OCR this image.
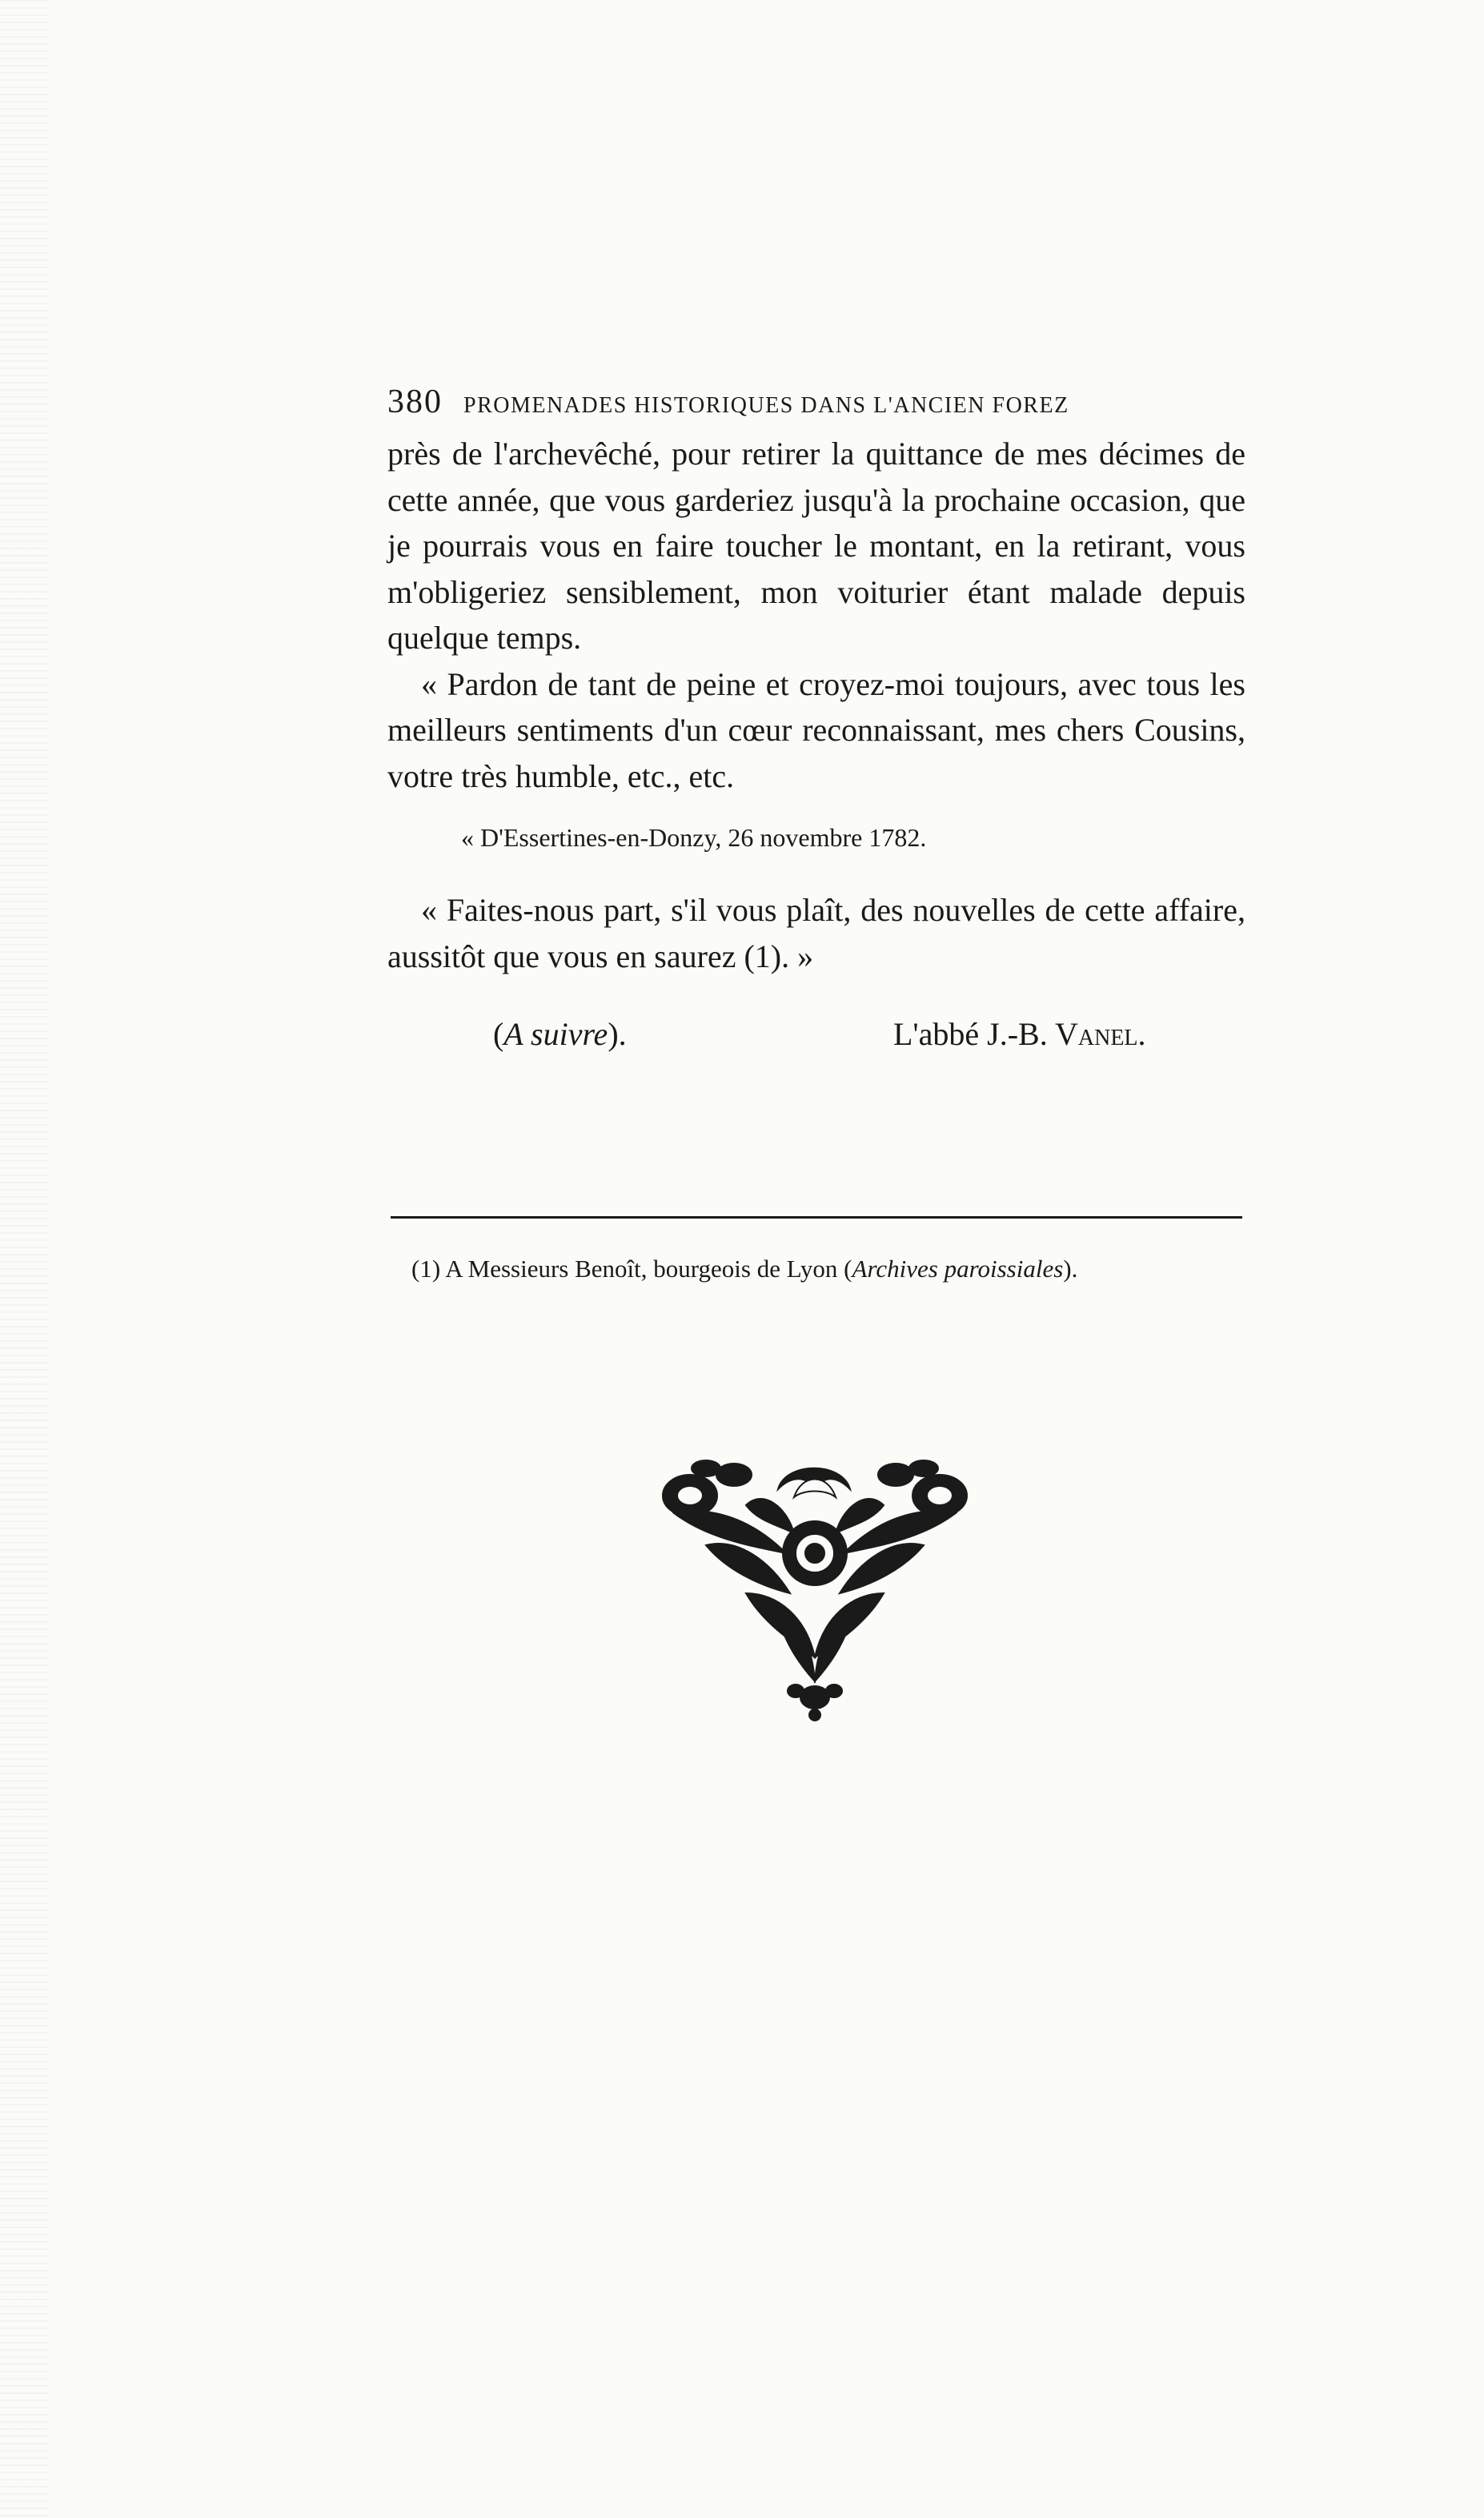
380 PROMENADES HISTORIQUES DANS L'ANCIEN FOREZ

près de l'archevêché, pour retirer la quittance de mes décimes de cette année, que vous garderiez jusqu'à la prochaine occasion, que je pourrais vous en faire toucher le montant, en la retirant, vous m'obligeriez sensiblement, mon voiturier étant malade depuis quelque temps.

« Pardon de tant de peine et croyez-moi toujours, avec tous les meilleurs sentiments d'un cœur reconnaissant, mes chers Cousins, votre très humble, etc., etc.

« D'Essertines-en-Donzy, 26 novembre 1782.

« Faites-nous part, s'il vous plaît, des nouvelles de cette affaire, aussitôt que vous en saurez (1). »

(A suivre).	L'abbé J.-B. Vanel.
(1) A Messieurs Benoît, bourgeois de Lyon (Archives paroissiales).
